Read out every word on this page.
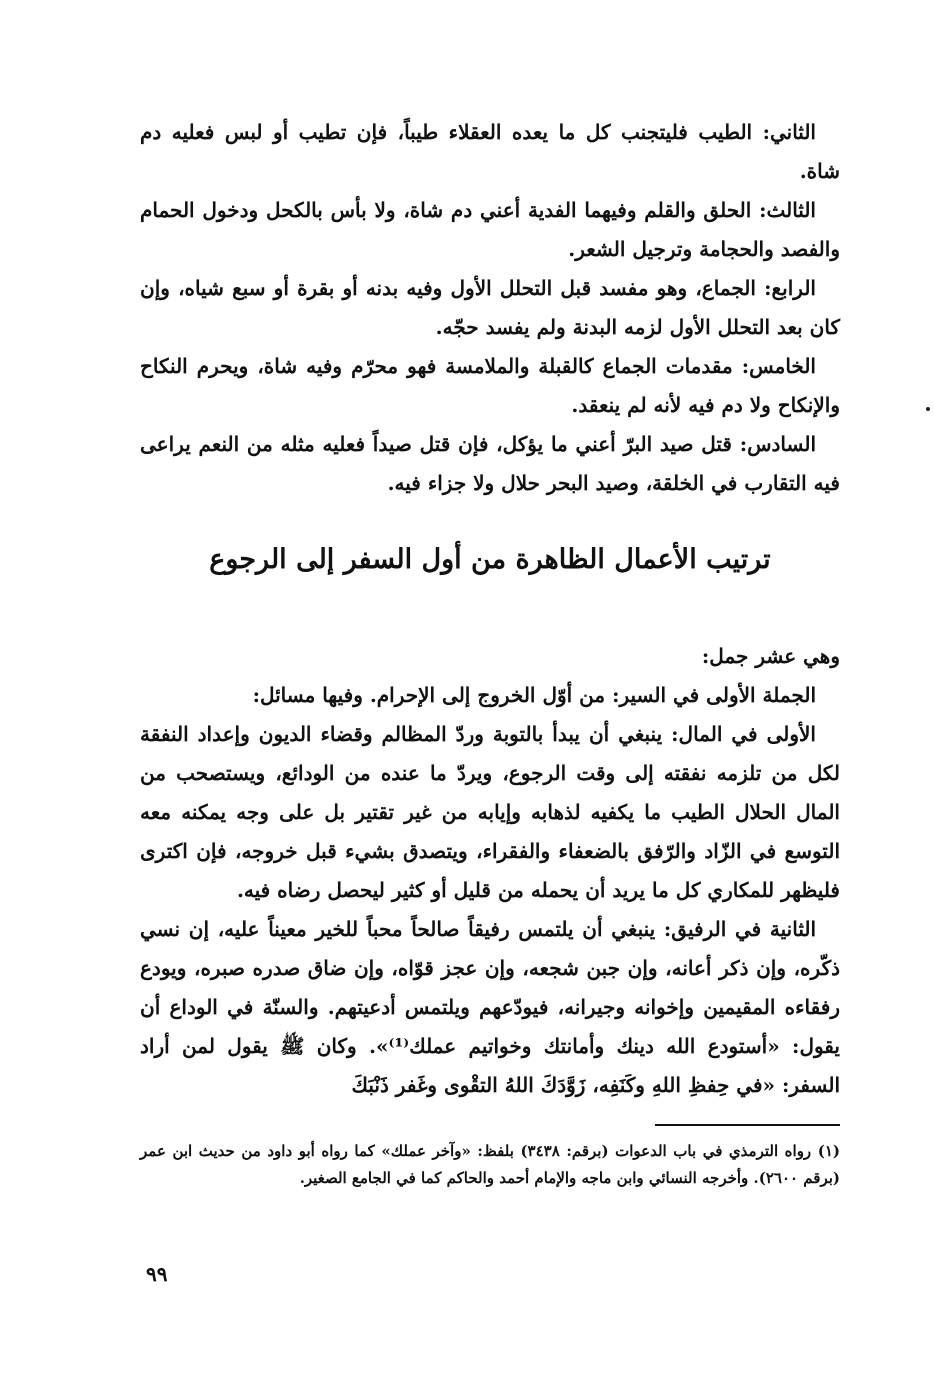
الثاني: الطيب فليتجنب كل ما يعده العقلاء طيباً، فإن تطيب أو لبس فعليه دم شاة.

الثالث: الحلق والقلم وفيهما الفدية أعني دم شاة، ولا بأس بالكحل ودخول الحمام والفصد والحجامة وترجيل الشعر.

الرابع: الجماع، وهو مفسد قبل التحلل الأول وفيه بدنه أو بقرة أو سبع شياه، وإن كان بعد التحلل الأول لزمه البدنة ولم يفسد حجّه.

الخامس: مقدمات الجماع كالقبلة والملامسة فهو محرّم وفيه شاة، ويحرم النكاح والإنكاح ولا دم فيه لأنه لم ينعقد.

السادس: قتل صيد البرّ أعني ما يؤكل، فإن قتل صيداً فعليه مثله من النعم يراعى فيه التقارب في الخلقة، وصيد البحر حلال ولا جزاء فيه.

ترتيب الأعمال الظاهرة من أول السفر إلى الرجوع

وهي عشر جمل:

الجملة الأولى في السير: من أوّل الخروج إلى الإحرام. وفيها مسائل:

الأولى في المال: ينبغي أن يبدأ بالتوبة وردّ المظالم وقضاء الديون وإعداد النفقة لكل من تلزمه نفقته إلى وقت الرجوع، ويردّ ما عنده من الودائع، ويستصحب من المال الحلال الطيب ما يكفيه لذهابه وإيابه من غير تقتير بل على وجه يمكنه معه التوسع في الزّاد والرّفق بالضعفاء والفقراء، ويتصدق بشيء قبل خروجه، فإن اكترى فليظهر للمكاري كل ما يريد أن يحمله من قليل أو كثير ليحصل رضاه فيه.

الثانية في الرفيق: ينبغي أن يلتمس رفيقاً صالحاً محباً للخير معيناً عليه، إن نسي ذكّره، وإن ذكر أعانه، وإن جبن شجعه، وإن عجز قوّاه، وإن ضاق صدره صبره، ويودع رفقاءه المقيمين وإخوانه وجيرانه، فيودّعهم ويلتمس أدعيتهم. والسنّة في الوداع أن يقول: «أستودع الله دينك وأمانتك وخواتيم عملك⁽¹⁾». وكان ﷺ يقول لمن أراد السفر: «في حِفظِ اللهِ وكَنَفِه، زَوَّدَكَ اللهُ التقْوى وغَفر ذَنْبَكَ

(١) رواه الترمذي في باب الدعوات (برقم: ٣٤٣٨) بلفظ: «وآخر عملك» كما رواه أبو داود من حديث ابن عمر (برقم ٢٦٠٠). وأخرجه النسائي وابن ماجه والإمام أحمد والحاكم كما في الجامع الصغير.

٩٩
